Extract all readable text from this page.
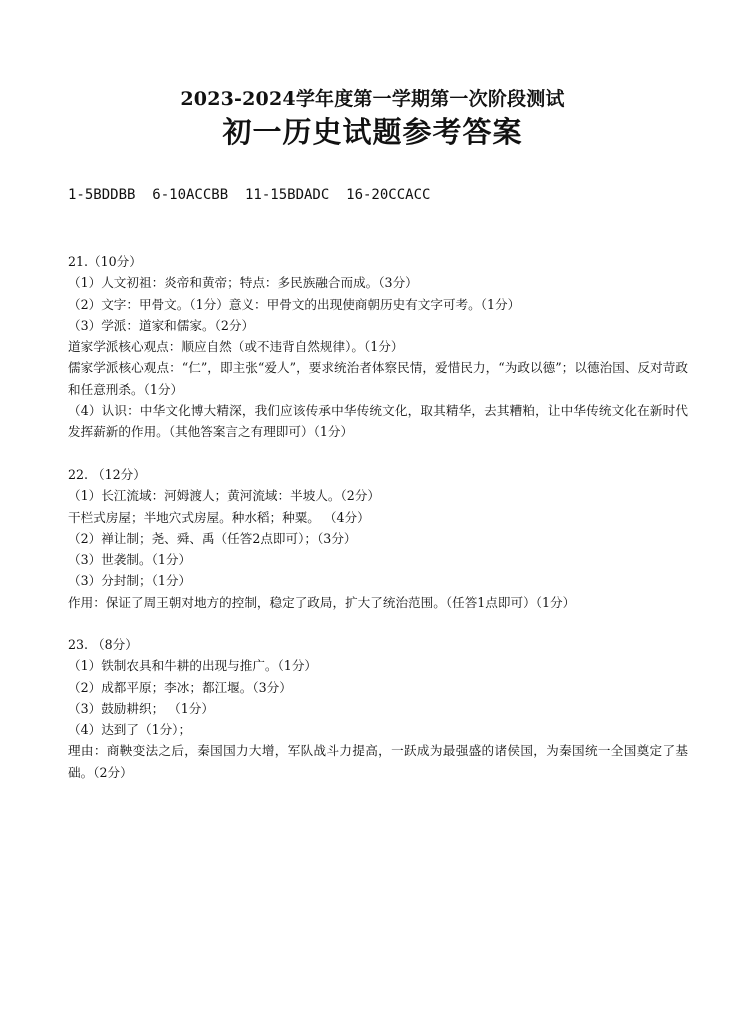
2023-2024学年度第一学期第一次阶段测试
初一历史试题参考答案
1-5BDDBB  6-10ACCBB  11-15BDADC  16-20CCACC
21.（10分）
（1）人文初祖：炎帝和黄帝；特点：多民族融合而成。（3分）
（2）文字：甲骨文。（1分）意义：甲骨文的出现使商朝历史有文字可考。（1分）
（3）学派：道家和儒家。（2分）
道家学派核心观点：顺应自然（或不违背自然规律）。（1分）
儒家学派核心观点：“仁”，即主张“爱人”，要求统治者体察民情，爱惜民力，“为政以德”；以德治国、反对苛政和任意刑杀。（1分）
（4）认识：中华文化博大精深，我们应该传承中华传统文化，取其精华，去其糟粕，让中华传统文化在新时代发挥薪新的作用。（其他答案言之有理即可）（1分）
22. （12分）
（1）长江流域：河姆渡人；黄河流域：半坡人。（2分）
干栏式房屋；半地穴式房屋。种水稻；种粟。 （4分）
（2）禅让制；尧、舜、禹（任答2点即可）；（3分）
（3）世袭制。（1分）
（3）分封制；（1分）
作用：保证了周王朝对地方的控制，稳定了政局，扩大了统治范围。（任答1点即可）（1分）
23. （8分）
（1）铁制农具和牛耕的出现与推广。（1分）
（2）成都平原；李冰；都江堰。（3分）
（3）鼓励耕织； （1分）
（4）达到了（1分）；
理由：商鞅变法之后，秦国国力大增，军队战斗力提高，一跃成为最强盛的诸侯国，为秦国统一全国奠定了基础。（2分）
